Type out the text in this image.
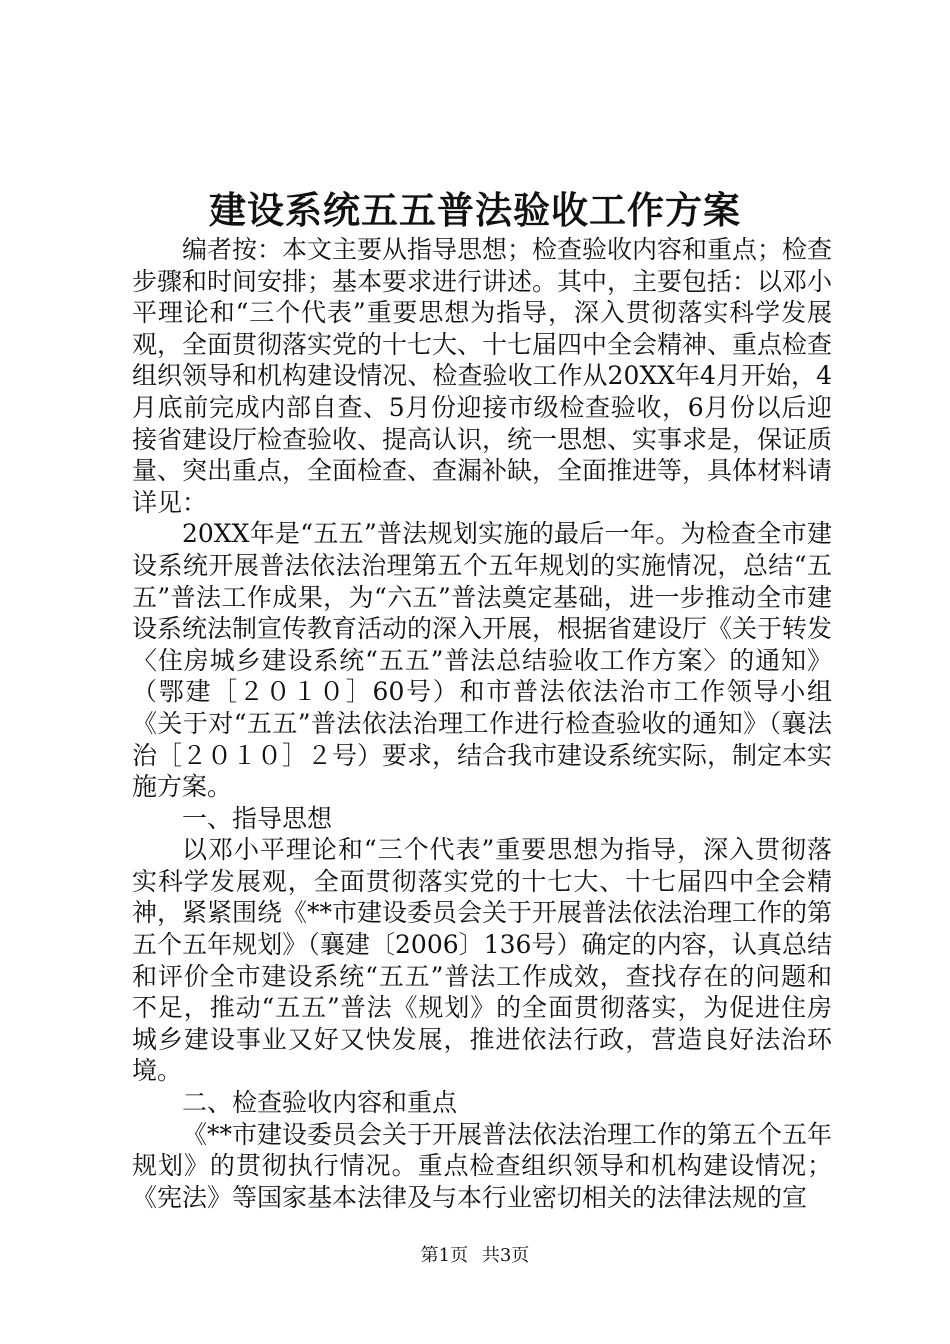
建设系统五五普法验收工作方案

编者按：本文主要从指导思想；检查验收内容和重点；检查步骤和时间安排；基本要求进行讲述。其中，主要包括：以邓小平理论和“三个代表”重要思想为指导，深入贯彻落实科学发展观，全面贯彻落实党的十七大、十七届四中全会精神、重点检查组织领导和机构建设情况、检查验收工作从20XX年4月开始，4月底前完成内部自查、5月份迎接市级检查验收，6月份以后迎接省建设厅检查验收、提高认识，统一思想、实事求是，保证质量、突出重点，全面检查、查漏补缺，全面推进等，具体材料请详见：

20XX年是“五五”普法规划实施的最后一年。为检查全市建设系统开展普法依法治理第五个五年规划的实施情况，总结“五五”普法工作成果，为“六五”普法奠定基础，进一步推动全市建设系统法制宣传教育活动的深入开展，根据省建设厅《关于转发〈住房城乡建设系统“五五”普法总结验收工作方案〉的通知》（鄂建［２０１０］60号）和市普法依法治市工作领导小组《关于对“五五”普法依法治理工作进行检查验收的通知》（襄法治［２０１０］２号）要求，结合我市建设系统实际，制定本实施方案。

一、指导思想

以邓小平理论和“三个代表”重要思想为指导，深入贯彻落实科学发展观，全面贯彻落实党的十七大、十七届四中全会精神，紧紧围绕《**市建设委员会关于开展普法依法治理工作的第五个五年规划》（襄建〔2006〕136号）确定的内容，认真总结和评价全市建设系统“五五”普法工作成效，查找存在的问题和不足，推动“五五”普法《规划》的全面贯彻落实，为促进住房城乡建设事业又好又快发展，推进依法行政，营造良好法治环境。

二、检查验收内容和重点

《**市建设委员会关于开展普法依法治理工作的第五个五年规划》的贯彻执行情况。重点检查组织领导和机构建设情况；《宪法》等国家基本法律及与本行业密切相关的法律法规的宣

第1页 共3页
